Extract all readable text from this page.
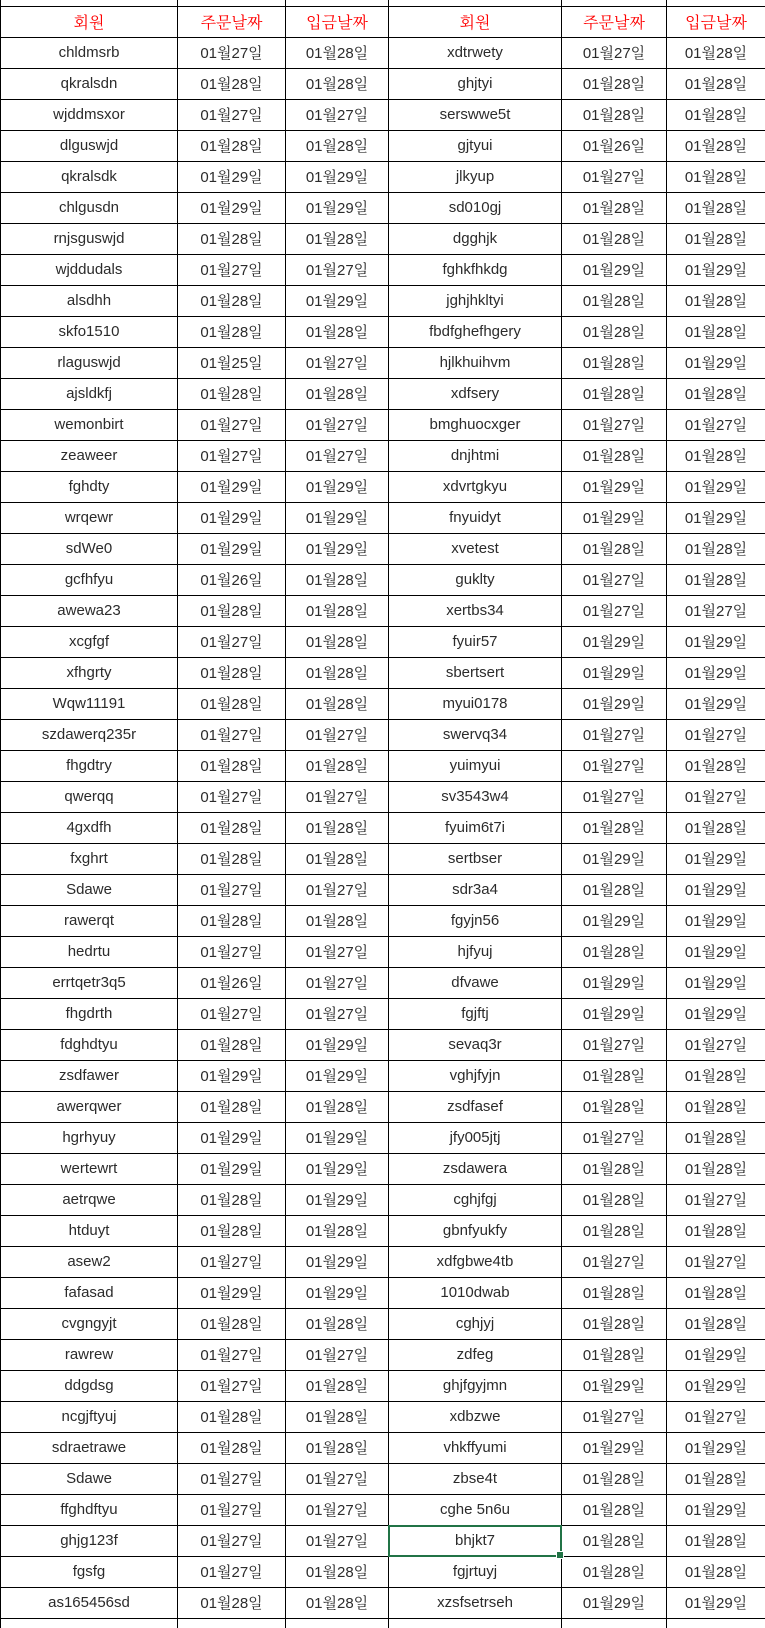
회원	주문날짜	입금날짜	회원	주문날짜	입금날짜
chldmsrb	01월27일	01월28일	xdtrwety	01월27일	01월28일
qkralsdn	01월28일	01월28일	ghjtyi	01월28일	01월28일
wjddmsxor	01월27일	01월27일	serswwe5t	01월28일	01월28일
dlguswjd	01월28일	01월28일	gjtyui	01월26일	01월28일
qkralsdk	01월29일	01월29일	jlkyup	01월27일	01월28일
chlgusdn	01월29일	01월29일	sd010gj	01월28일	01월28일
rnjsguswjd	01월28일	01월28일	dgghjk	01월28일	01월28일
wjddudals	01월27일	01월27일	fghkfhkdg	01월29일	01월29일
alsdhh	01월28일	01월29일	jghjhkltyi	01월28일	01월28일
skfo1510	01월28일	01월28일	fbdfghefhgery	01월28일	01월28일
rlaguswjd	01월25일	01월27일	hjlkhuihvm	01월28일	01월29일
ajsldkfj	01월28일	01월28일	xdfsery	01월28일	01월28일
wemonbirt	01월27일	01월27일	bmghuocxger	01월27일	01월27일
zeaweer	01월27일	01월27일	dnjhtmi	01월28일	01월28일
fghdty	01월29일	01월29일	xdvrtgkyu	01월29일	01월29일
wrqewr	01월29일	01월29일	fnyuidyt	01월29일	01월29일
sdWe0	01월29일	01월29일	xvetest	01월28일	01월28일
gcfhfyu	01월26일	01월28일	guklty	01월27일	01월28일
awewa23	01월28일	01월28일	xertbs34	01월27일	01월27일
xcgfgf	01월27일	01월28일	fyuir57	01월29일	01월29일
xfhgrty	01월28일	01월28일	sbertsert	01월29일	01월29일
Wqw11191	01월28일	01월28일	myui0178	01월29일	01월29일
szdawerq235r	01월27일	01월27일	swervq34	01월27일	01월27일
fhgdtry	01월28일	01월28일	yuimyui	01월27일	01월28일
qwerqq	01월27일	01월27일	sv3543w4	01월27일	01월27일
4gxdfh	01월28일	01월28일	fyuim6t7i	01월28일	01월28일
fxghrt	01월28일	01월28일	sertbser	01월29일	01월29일
Sdawe	01월27일	01월27일	sdr3a4	01월28일	01월29일
rawerqt	01월28일	01월28일	fgyjn56	01월29일	01월29일
hedrtu	01월27일	01월27일	hjfyuj	01월28일	01월29일
errtqetr3q5	01월26일	01월27일	dfvawe	01월29일	01월29일
fhgdrth	01월27일	01월27일	fgjftj	01월29일	01월29일
fdghdtyu	01월28일	01월29일	sevaq3r	01월27일	01월27일
zsdfawer	01월29일	01월29일	vghjfyjn	01월28일	01월28일
awerqwer	01월28일	01월28일	zsdfasef	01월28일	01월28일
hgrhyuy	01월29일	01월29일	jfy005jtj	01월27일	01월28일
wertewrt	01월29일	01월29일	zsdawera	01월28일	01월28일
aetrqwe	01월28일	01월29일	cghjfgj	01월28일	01월27일
htduyt	01월28일	01월28일	gbnfyukfy	01월28일	01월28일
asew2	01월27일	01월29일	xdfgbwe4tb	01월27일	01월27일
fafasad	01월29일	01월29일	1010dwab	01월28일	01월28일
cvgngyjt	01월28일	01월28일	cghjyj	01월28일	01월28일
rawrew	01월27일	01월27일	zdfeg	01월28일	01월29일
ddgdsg	01월27일	01월28일	ghjfgyjmn	01월29일	01월29일
ncgjftyuj	01월28일	01월28일	xdbzwe	01월27일	01월27일
sdraetrawe	01월28일	01월28일	vhkffyumi	01월29일	01월29일
Sdawe	01월27일	01월27일	zbse4t	01월28일	01월28일
ffghdftyu	01월27일	01월27일	cghe 5n6u	01월28일	01월29일
ghjg123f	01월27일	01월27일	bhjkt7	01월28일	01월28일
fgsfg	01월27일	01월28일	fgjrtuyj	01월28일	01월28일
as165456sd	01월28일	01월28일	xzsfsetrseh	01월29일	01월29일
